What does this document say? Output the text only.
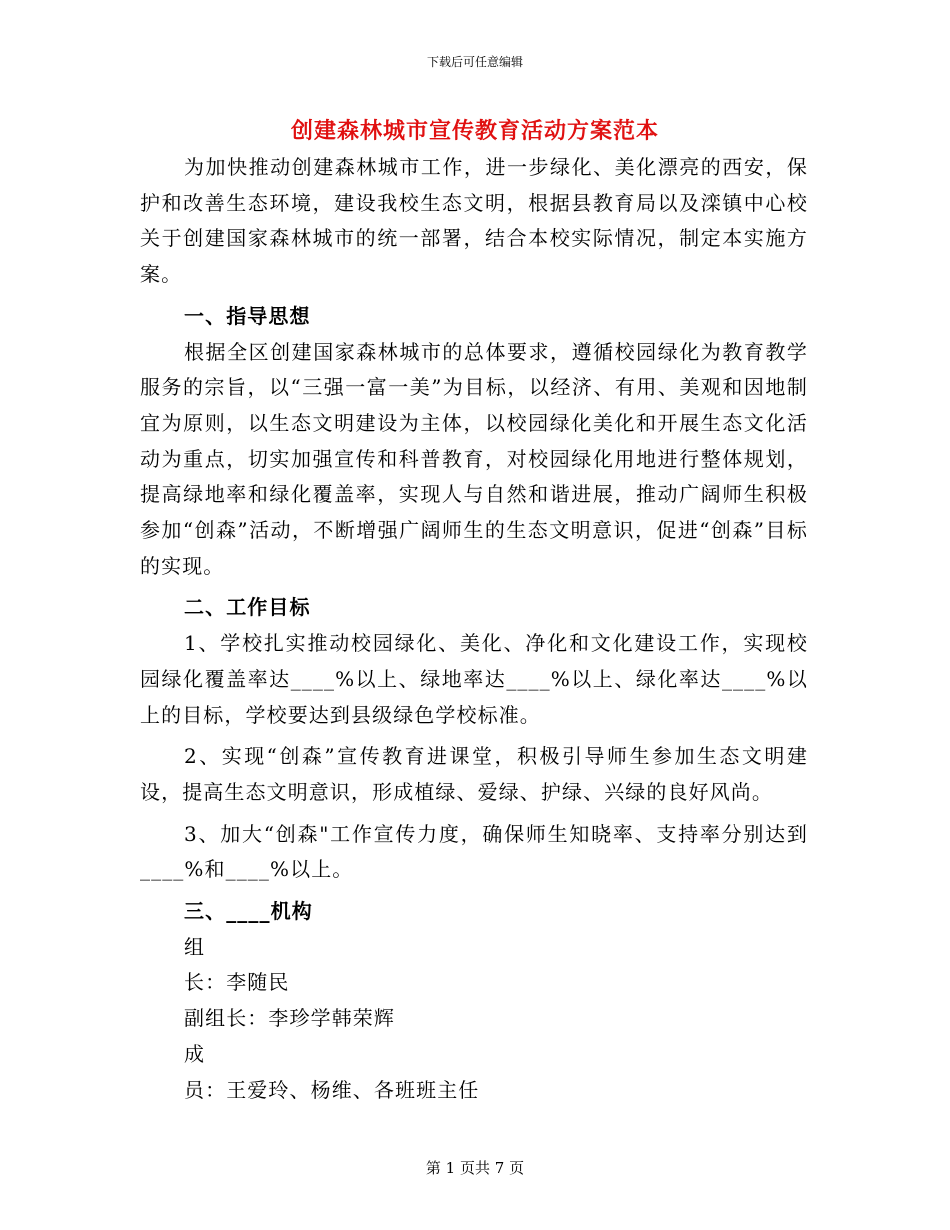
下载后可任意编辑
创建森林城市宣传教育活动方案范本

为加快推动创建森林城市工作，进一步绿化、美化漂亮的西安，保护和改善生态环境，建设我校生态文明，根据县教育局以及滦镇中心校关于创建国家森林城市的统一部署，结合本校实际情况，制定本实施方案。

一、指导思想

根据全区创建国家森林城市的总体要求，遵循校园绿化为教育教学服务的宗旨，以“三强一富一美”为目标，以经济、有用、美观和因地制宜为原则，以生态文明建设为主体，以校园绿化美化和开展生态文化活动为重点，切实加强宣传和科普教育，对校园绿化用地进行整体规划，提高绿地率和绿化覆盖率，实现人与自然和谐进展，推动广阔师生积极参加“创森”活动，不断增强广阔师生的生态文明意识，促进“创森”目标的实现。

二、工作目标

1、学校扎实推动校园绿化、美化、净化和文化建设工作，实现校园绿化覆盖率达____%以上、绿地率达____%以上、绿化率达____%以上的目标，学校要达到县级绿色学校标准。

2、实现“创森”宣传教育进课堂，积极引导师生参加生态文明建设，提高生态文明意识，形成植绿、爱绿、护绿、兴绿的良好风尚。

3、加大“创森"工作宣传力度，确保师生知晓率、支持率分别达到____%和____%以上。

三、____机构

组

长：李随民

副组长：李珍学韩荣辉

成

员：王爱玲、杨维、各班班主任

第 1 页共 7 页
